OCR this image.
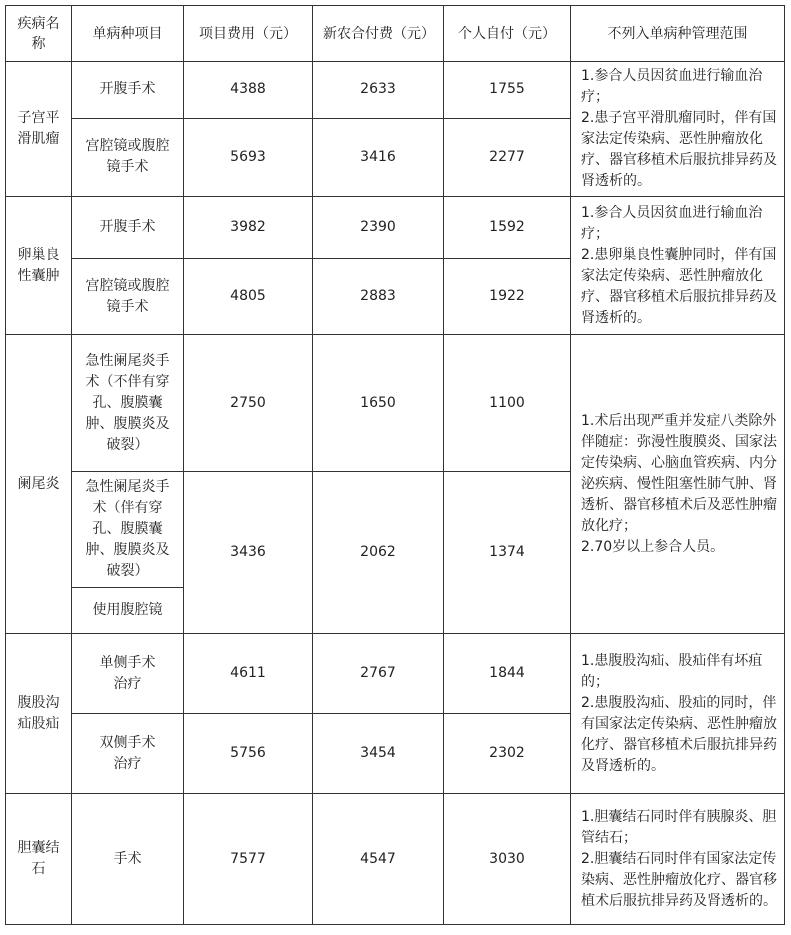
疾病名称	单病种项目	项目费用（元）	新农合付费（元）	个人自付（元）	不列入单病种管理范围
子宫平滑肌瘤	开腹手术	4388	2633	1755	1.参合人员因贫血进行输血治疗；
2.患子宫平滑肌瘤同时，伴有国家法定传染病、恶性肿瘤放化疗、器官移植术后服抗排异药及肾透析的。
	宫腔镜或腹腔镜手术	5693	3416	2277	
卵巢良性囊肿	开腹手术	3982	2390	1592	1.参合人员因贫血进行输血治疗；
2.患卵巢良性囊肿同时，伴有国家法定传染病、恶性肿瘤放化疗、器官移植术后服抗排异药及肾透析的。
	宫腔镜或腹腔镜手术	4805	2883	1922	
阑尾炎	急性阑尾炎手术（不伴有穿孔、腹膜囊肿、腹膜炎及破裂）	2750	1650	1100	1.术后出现严重并发症八类除外伴随症：弥漫性腹膜炎、国家法定传染病、心脑血管疾病、内分泌疾病、慢性阻塞性肺气肿、肾透析、器官移植术后及恶性肿瘤放化疗；
2.70岁以上参合人员。
	急性阑尾炎手术（伴有穿孔、腹膜囊肿、腹膜炎及破裂）	3436	2062	1374	
	使用腹腔镜				
腹股沟疝股疝	单侧手术治疗	4611	2767	1844	1.患腹股沟疝、股疝伴有坏疽的；
2.患腹股沟疝、股疝的同时，伴有国家法定传染病、恶性肿瘤放化疗、器官移植术后服抗排异药及肾透析的。
	双侧手术治疗	5756	3454	2302	
胆囊结石	手术	7577	4547	3030	1.胆囊结石同时伴有胰腺炎、胆管结石；
2.胆囊结石同时伴有国家法定传染病、恶性肿瘤放化疗、器官移植术后服抗排异药及肾透析的。
